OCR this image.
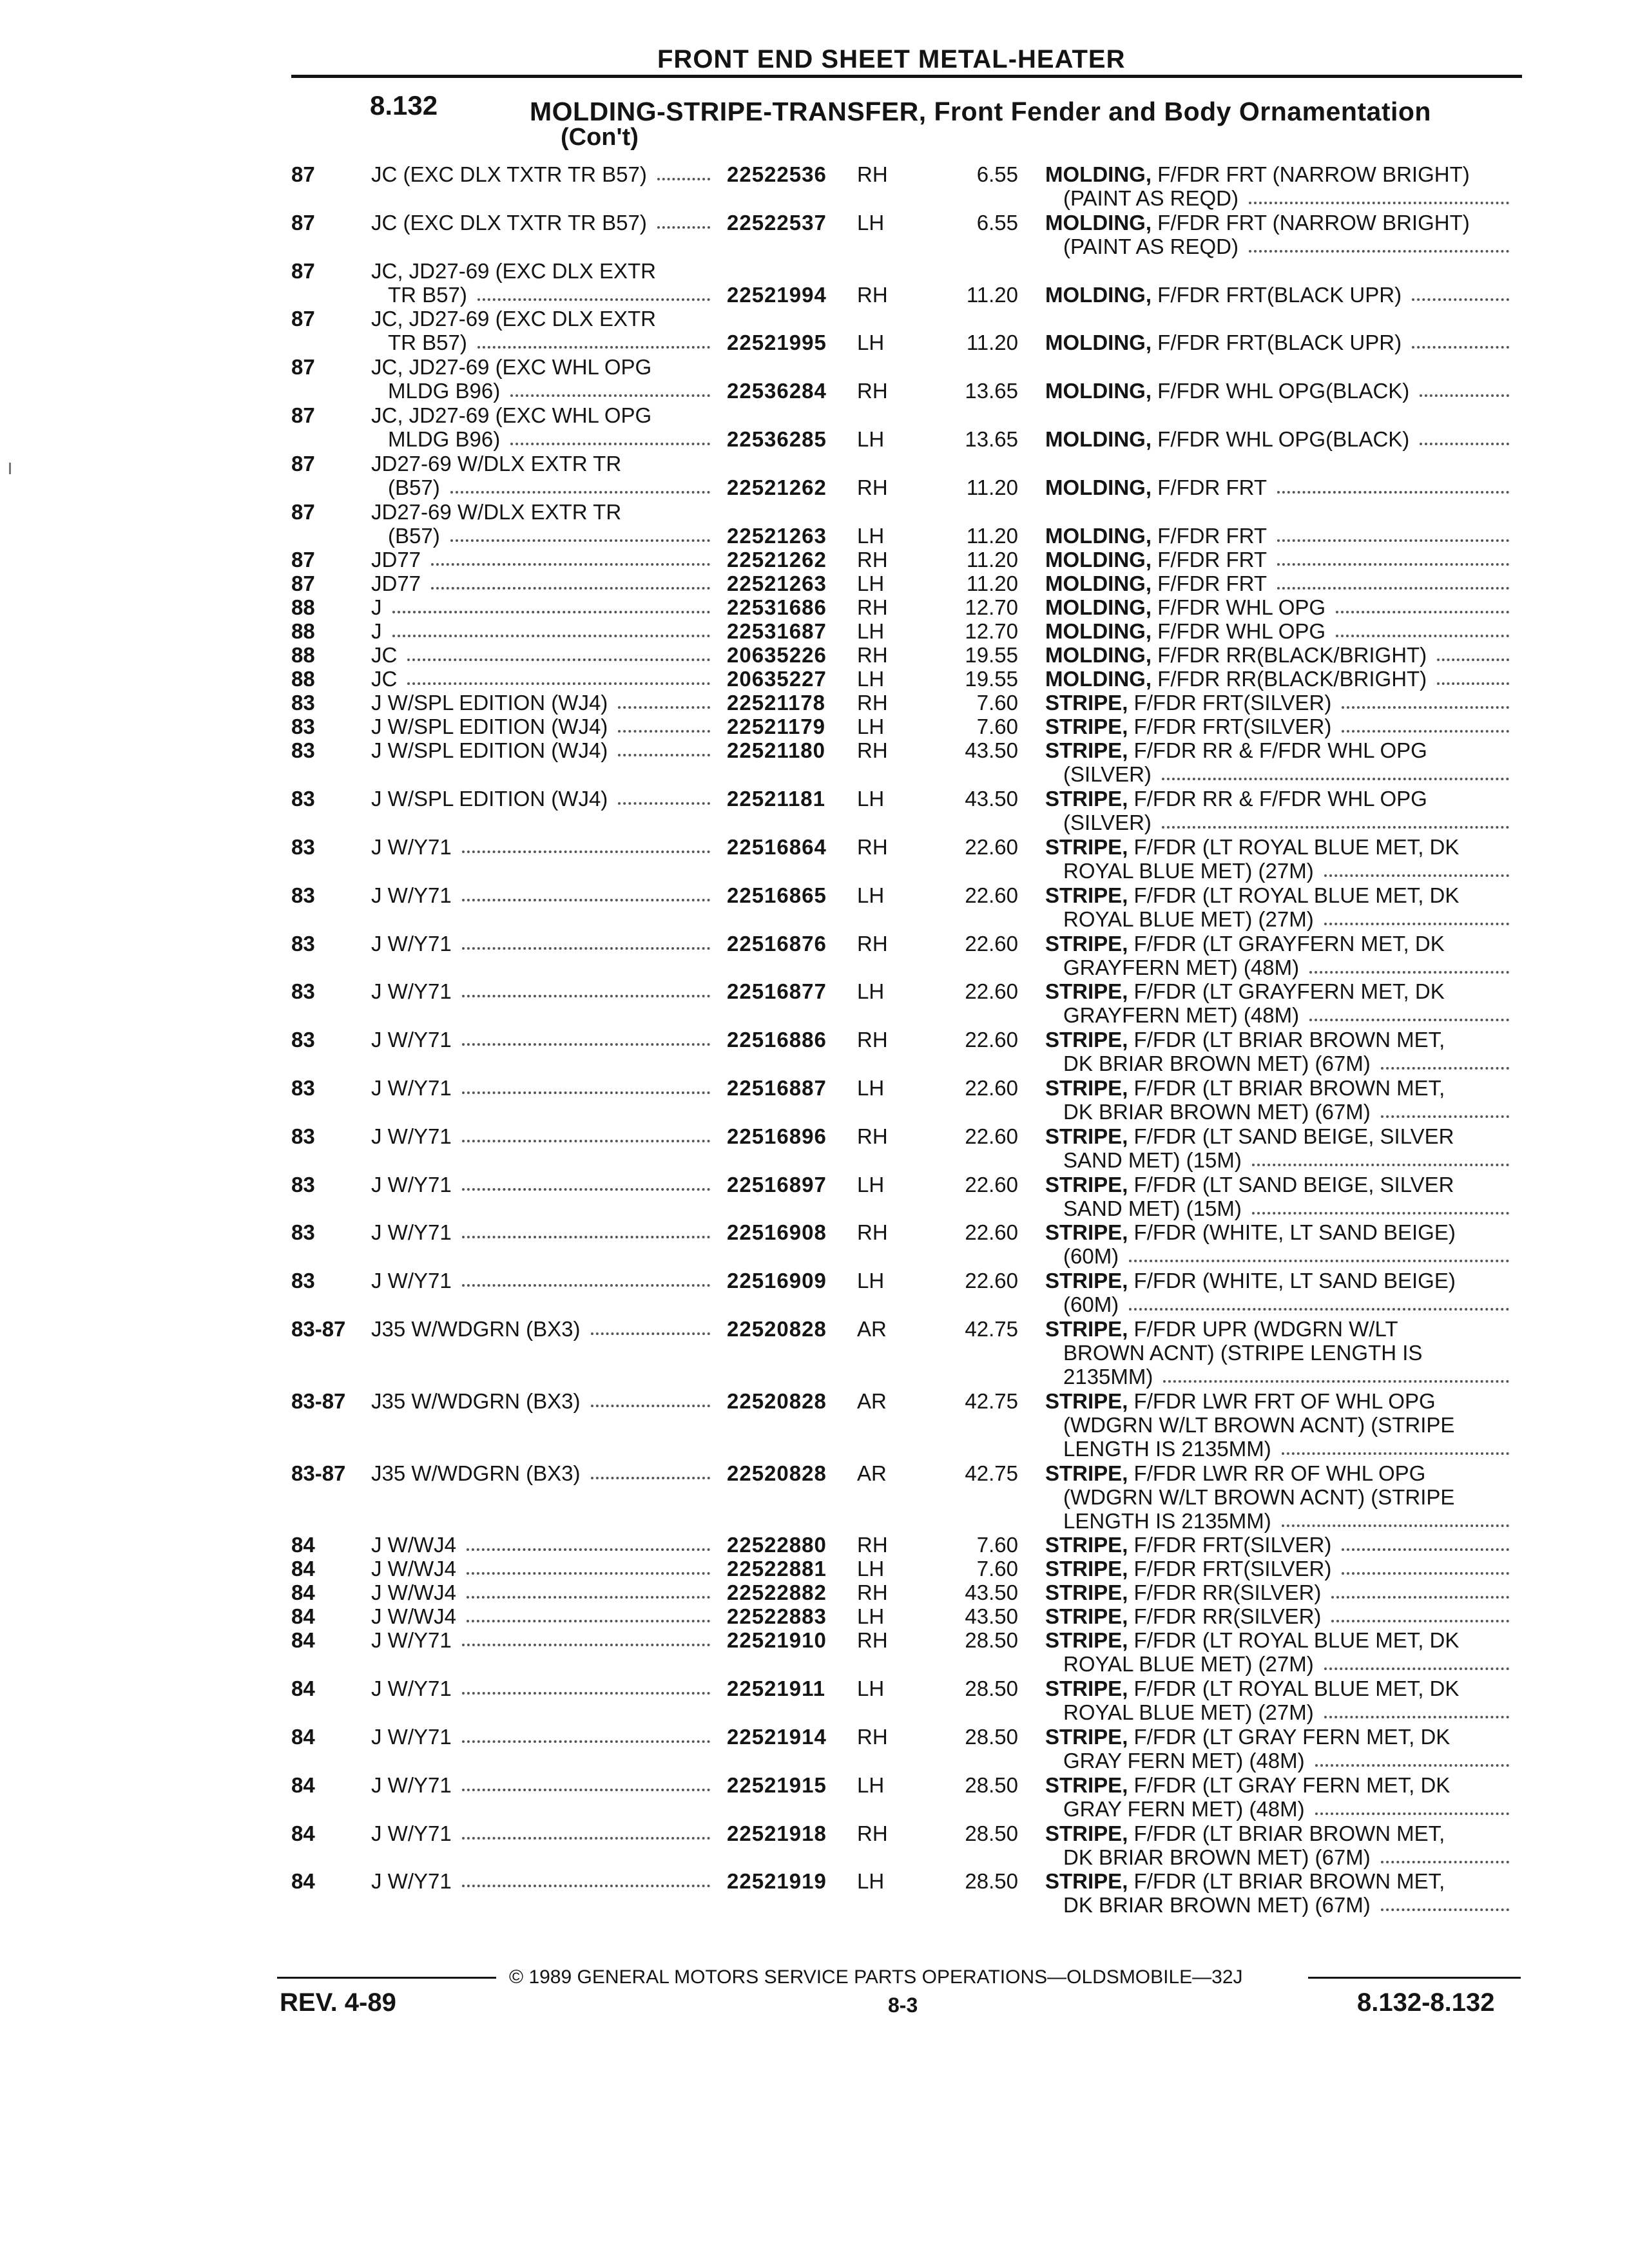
FRONT END SHEET METAL-HEATER
8.132	MOLDING-STRIPE-TRANSFER, Front Fender and Body Ornamentation
(Con't)
87	JC (EXC DLX TXTR TR B57)	22522536 RH	6.55 MOLDING,
F/FDR FRT (NARROW BRIGHT)
(PAINT AS REQD)
87	JC (EXC DLX TXTR TR B57)	22522537 LH	6.55 MOLDING,
F/FDR FRT (NARROW BRIGHT)
(PAINT AS REQD)
87	JC, JD27-69 (EXC DLX EXTR
TR B57)	22521994 RH	11.20 MOLDING,
F/FDR FRT(BLACK UPR)
87	JC, JD27-69 (EXC DLX EXTR
TR B57)	22521995 LH	11.20 MOLDING,
F/FDR FRT(BLACK UPR)
87	JC, JD27-69 (EXC WHL OPG
MLDG B96)	22536284 RH	13.65 MOLDING,
F/FDR WHL OPG(BLACK)
87	JC, JD27-69 (EXC WHL OPG
MLDG B96)	22536285 LH	13.65 MOLDING,
F/FDR WHL OPG(BLACK)
87	JD27-69 W/DLX EXTR TR
(B57)	22521262 RH	11.20 MOLDING,
F/FDR FRT
87	JD27-69 W/DLX EXTR TR
(B57)	22521263 LH	11.20 MOLDING,
F/FDR FRT
87	JD77	22521262 RH	11.20 MOLDING,
F/FDR FRT
87	JD77	22521263 LH	11.20 MOLDING,
F/FDR FRT
88	J	22531686 RH	12.70 MOLDING,
F/FDR WHL OPG
88	J	22531687 LH	12.70 MOLDING,
F/FDR WHL OPG
88	JC	20635226 RH	19.55 MOLDING,
F/FDR RR(BLACK/BRIGHT)
88	JC	20635227 LH	19.55 MOLDING,
F/FDR RR(BLACK/BRIGHT)
83	J W/SPL EDITION (WJ4)	22521178 RH	7.60 STRIPE,
F/FDR FRT(SILVER)
83	J W/SPL EDITION (WJ4)	22521179 LH	7.60 STRIPE,
F/FDR FRT(SILVER)
83	J W/SPL EDITION (WJ4)	22521180 RH	43.50 STRIPE,
F/FDR RR & F/FDR WHL OPG
(SILVER)
83	J W/SPL EDITION (WJ4)	22521181 LH	43.50 STRIPE,
F/FDR RR & F/FDR WHL OPG
(SILVER)
83	J W/Y71	22516864 RH	22.60 STRIPE,
F/FDR (LT ROYAL BLUE MET, DK
ROYAL BLUE MET) (27M)
83	J W/Y71	22516865 LH	22.60 STRIPE,
F/FDR (LT ROYAL BLUE MET, DK
ROYAL BLUE MET) (27M)
83	J W/Y71	22516876 RH	22.60 STRIPE,
F/FDR (LT GRAYFERN MET, DK
GRAYFERN MET) (48M)
83	J W/Y71	22516877 LH	22.60 STRIPE,
F/FDR (LT GRAYFERN MET, DK
GRAYFERN MET) (48M)
83	J W/Y71	22516886 RH	22.60 STRIPE,
F/FDR (LT BRIAR BROWN MET,
DK BRIAR BROWN MET) (67M)
83	J W/Y71	22516887 LH	22.60 STRIPE,
F/FDR (LT BRIAR BROWN MET,
DK BRIAR BROWN MET) (67M)
83	J W/Y71	22516896 RH	22.60 STRIPE,
F/FDR (LT SAND BEIGE, SILVER
SAND MET) (15M)
83	J W/Y71	22516897 LH	22.60 STRIPE,
F/FDR (LT SAND BEIGE, SILVER
SAND MET) (15M)
83	J W/Y71	22516908 RH	22.60 STRIPE,
F/FDR (WHITE, LT SAND BEIGE)
(60M)
83	J W/Y71	22516909 LH	22.60 STRIPE,
F/FDR (WHITE, LT SAND BEIGE)
(60M)
83-87 J35 W/WDGRN (BX3)	22520828 AR	42.75 STRIPE,
F/FDR UPR (WDGRN W/LT
BROWN ACNT) (STRIPE LENGTH IS
2135MM)
83-87 J35 W/WDGRN (BX3)	22520828 AR	42.75 STRIPE,
F/FDR LWR FRT OF WHL OPG
(WDGRN W/LT BROWN ACNT) (STRIPE
LENGTH IS 2135MM)
83-87 J35 W/WDGRN (BX3)	22520828 AR	42.75 STRIPE,
F/FDR LWR RR OF WHL OPG
(WDGRN W/LT BROWN ACNT) (STRIPE
LENGTH IS 2135MM)
84	J W/WJ4	22522880 RH	7.60 STRIPE,
F/FDR FRT(SILVER)
84	J W/WJ4	22522881 LH	7.60 STRIPE,
F/FDR FRT(SILVER)
84	J W/WJ4	22522882 RH	43.50 STRIPE,
F/FDR RR(SILVER)
84	J W/WJ4	22522883 LH	43.50 STRIPE,
F/FDR RR(SILVER)
84	J W/Y71	22521910 RH	28.50 STRIPE,
F/FDR (LT ROYAL BLUE MET, DK
ROYAL BLUE MET) (27M)
84	J W/Y71	22521911 LH	28.50 STRIPE,
F/FDR (LT ROYAL BLUE MET, DK
ROYAL BLUE MET) (27M)
84	J W/Y71	22521914 RH	28.50 STRIPE,
F/FDR (LT GRAY FERN MET, DK
GRAY FERN MET) (48M)
84	J W/Y71	22521915 LH	28.50 STRIPE,
F/FDR (LT GRAY FERN MET, DK
GRAY FERN MET) (48M)
84	J W/Y71	22521918 RH	28.50 STRIPE,
F/FDR (LT BRIAR BROWN MET,
DK BRIAR BROWN MET) (67M)
84	J W/Y71	22521919 LH	28.50 STRIPE,
F/FDR (LT BRIAR BROWN MET,
DK BRIAR BROWN MET) (67M)
© 1989 GENERAL MOTORS SERVICE PARTS OPERATIONS—OLDSMOBILE—32J
REV. 4-89	8-3	8.132-8.132
